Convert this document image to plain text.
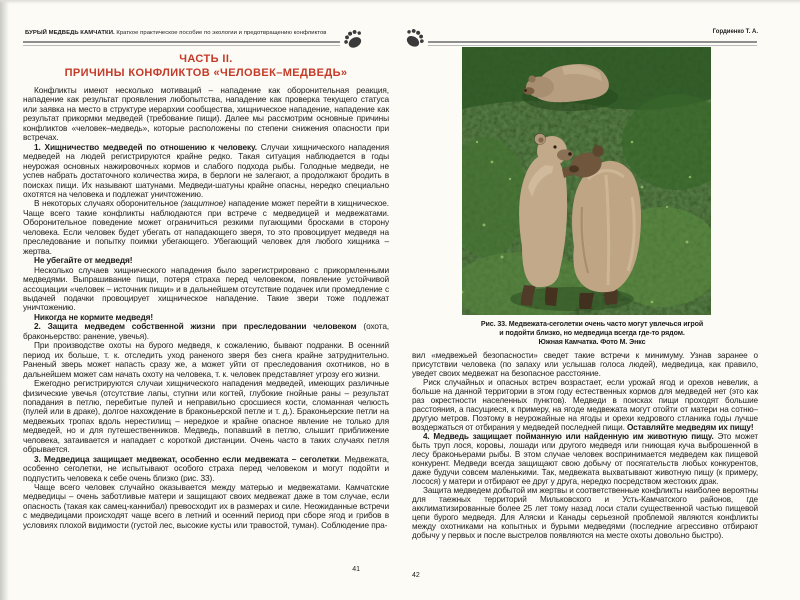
БУРЫЙ МЕДВЕДЬ КАМЧАТКИ. Краткое практическое пособие по экологии и предотвращению конфликтов
ЧАСТЬ II.
ПРИЧИНЫ КОНФЛИКТОВ «ЧЕЛОВЕК–МЕДВЕДЬ»

Конфликты имеют несколько мотиваций – нападение как оборонительная реакция, нападение как результат проявления любопытства, нападение как проверка текущего статуса или заявка на место в структуре иерархии сообщества, хищническое нападение, нападение как результат прикормки медведей (требование пищи). Далее мы рассмотрим основные причины конфликтов «человек–медведь», которые расположены по степени снижения опасности при встречах.

1. Хищничество медведей по отношению к человеку. Случаи хищнического нападения медведей на людей регистрируются крайне редко. Такая ситуация наблюдается в годы неурожая основных нажировочных кормов и слабого подхода рыбы. Голодные медведи, не успев набрать достаточного количества жира, в берлоги не залегают, а продолжают бродить в поисках пищи. Их называют шатунами. Медведи-шатуны крайне опасны, нередко специально охотятся на человека и подлежат уничтожению.

В некоторых случаях оборонительное (защитное) нападение может перейти в хищническое. Чаще всего такие конфликты наблюдаются при встрече с медведицей и медвежатами. Оборонительное поведение может ограничиться резкими пугающими бросками в сторону человека. Если человек будет убегать от нападающего зверя, то это провоцирует медведя на преследование и попытку поимки убегающего. Убегающий человек для любого хищника – жертва.

Не убегайте от медведя!

Несколько случаев хищнического нападения было зарегистрировано с прикормленными медведями. Выпрашивание пищи, потеря страха перед человеком, появление устойчивой ассоциации «человек – источник пищи» и в дальнейшем отсутствие подачек или промедление с выдачей подачки провоцирует хищническое нападение. Такие звери тоже подлежат уничтожению.

Никогда не кормите медведя!

2. Защита медведем собственной жизни при преследовании человеком (охота, браконьерство: ранение, увечья).

При производстве охоты на бурого медведя, к сожалению, бывают подранки. В осенний период их больше, т. к. отследить уход раненого зверя без снега крайне затруднительно. Раненый зверь может напасть сразу же, а может уйти от преследования охотников, но в дальнейшем может сам начать охоту на человека, т. к. человек представляет угрозу его жизни.

Ежегодно регистрируются случаи хищнического нападения медведей, имеющих различные физические увечья (отсутствие лапы, ступни или когтей, глубокие гнойные раны – результат попадания в петлю, перебитые пулей и неправильно сросшиеся кости, сломанная челюсть (пулей или в драке), долгое нахождение в браконьерской петле и т. д.). Браконьерские петли на медвежьих тропах вдоль нерестилищ – нередкое и крайне опасное явление не только для медведей, но и для путешественников. Медведь, попавший в петлю, слышит приближение человека, затаивается и нападает с короткой дистанции. Очень часто в таких случаях петля обрывается.

3. Медведица защищает медвежат, особенно если медвежата – сеголетки. Медвежата, особенно сеголетки, не испытывают особого страха перед человеком и могут подойти и подпустить человека к себе очень близко (рис. 33).

Чаще всего человек случайно оказывается между матерью и медвежатами. Камчатские медведицы – очень заботливые матери и защищают своих медвежат даже в том случае, если опасность (такая как самец-каннибал) превосходит их в размерах и силе. Неожиданные встречи с медведицами происходят чаще всего в летний и осенний период при сборе ягод и грибов в условиях плохой видимости (густой лес, высокие кусты или травостой, туман). Соблюдение пра-

41
Гордиенко Т. А.
Рис. 33. Медвежата-сеголетки очень часто могут увлечься игрой
и подойти близко, но медведица всегда где-то рядом.
Южная Камчатка. Фото М. Энкс

вил «медвежьей безопасности» сведет такие встречи к минимуму. Узнав заранее о присутствии человека (по запаху или услышав голоса людей), медведица, как правило, уведет своих медвежат на безопасное расстояние.

Риск случайных и опасных встреч возрастает, если урожай ягод и орехов невелик, а больше на данной территории в этом году естественных кормов для медведей нет (это как раз окрестности населенных пунктов). Медведи в поисках пищи проходят большие расстояния, а пасущиеся, к примеру, на ягоде медвежата могут отойти от матери на сотню–другую метров. Поэтому в неурожайные на ягоды и орехи кедрового стланика годы лучше воздержаться от отбирания у медведей последней пищи. Оставляйте медведям их пищу!

4. Медведь защищает пойманную или найденную им животную пищу. Это может быть труп лося, коровы, лошади или другого медведя или гниющая куча выброшенной в лесу браконьерами рыбы. В этом случае человек воспринимается медведем как пищевой конкурент. Медведи всегда защищают свою добычу от посягательств любых конкурентов, даже будучи совсем маленькими. Так, медвежата выхватывают животную пищу (к примеру, лосося) у матери и отбирают ее друг у друга, нередко посредством жестоких драк.

Защита медведем добытой им жертвы и соответственные конфликты наиболее вероятны для таежных территорий Мильковского и Усть-Камчатского районов, где акклиматизированные более 25 лет тому назад лоси стали существенной частью пищевой цепи бурого медведя. Для Аляски и Канады серьезной проблемой являются конфликты между охотниками на копытных и бурыми медведями (последние агрессивно отбирают добычу у первых и после выстрелов появляются на месте охоты довольно быстро).

42
